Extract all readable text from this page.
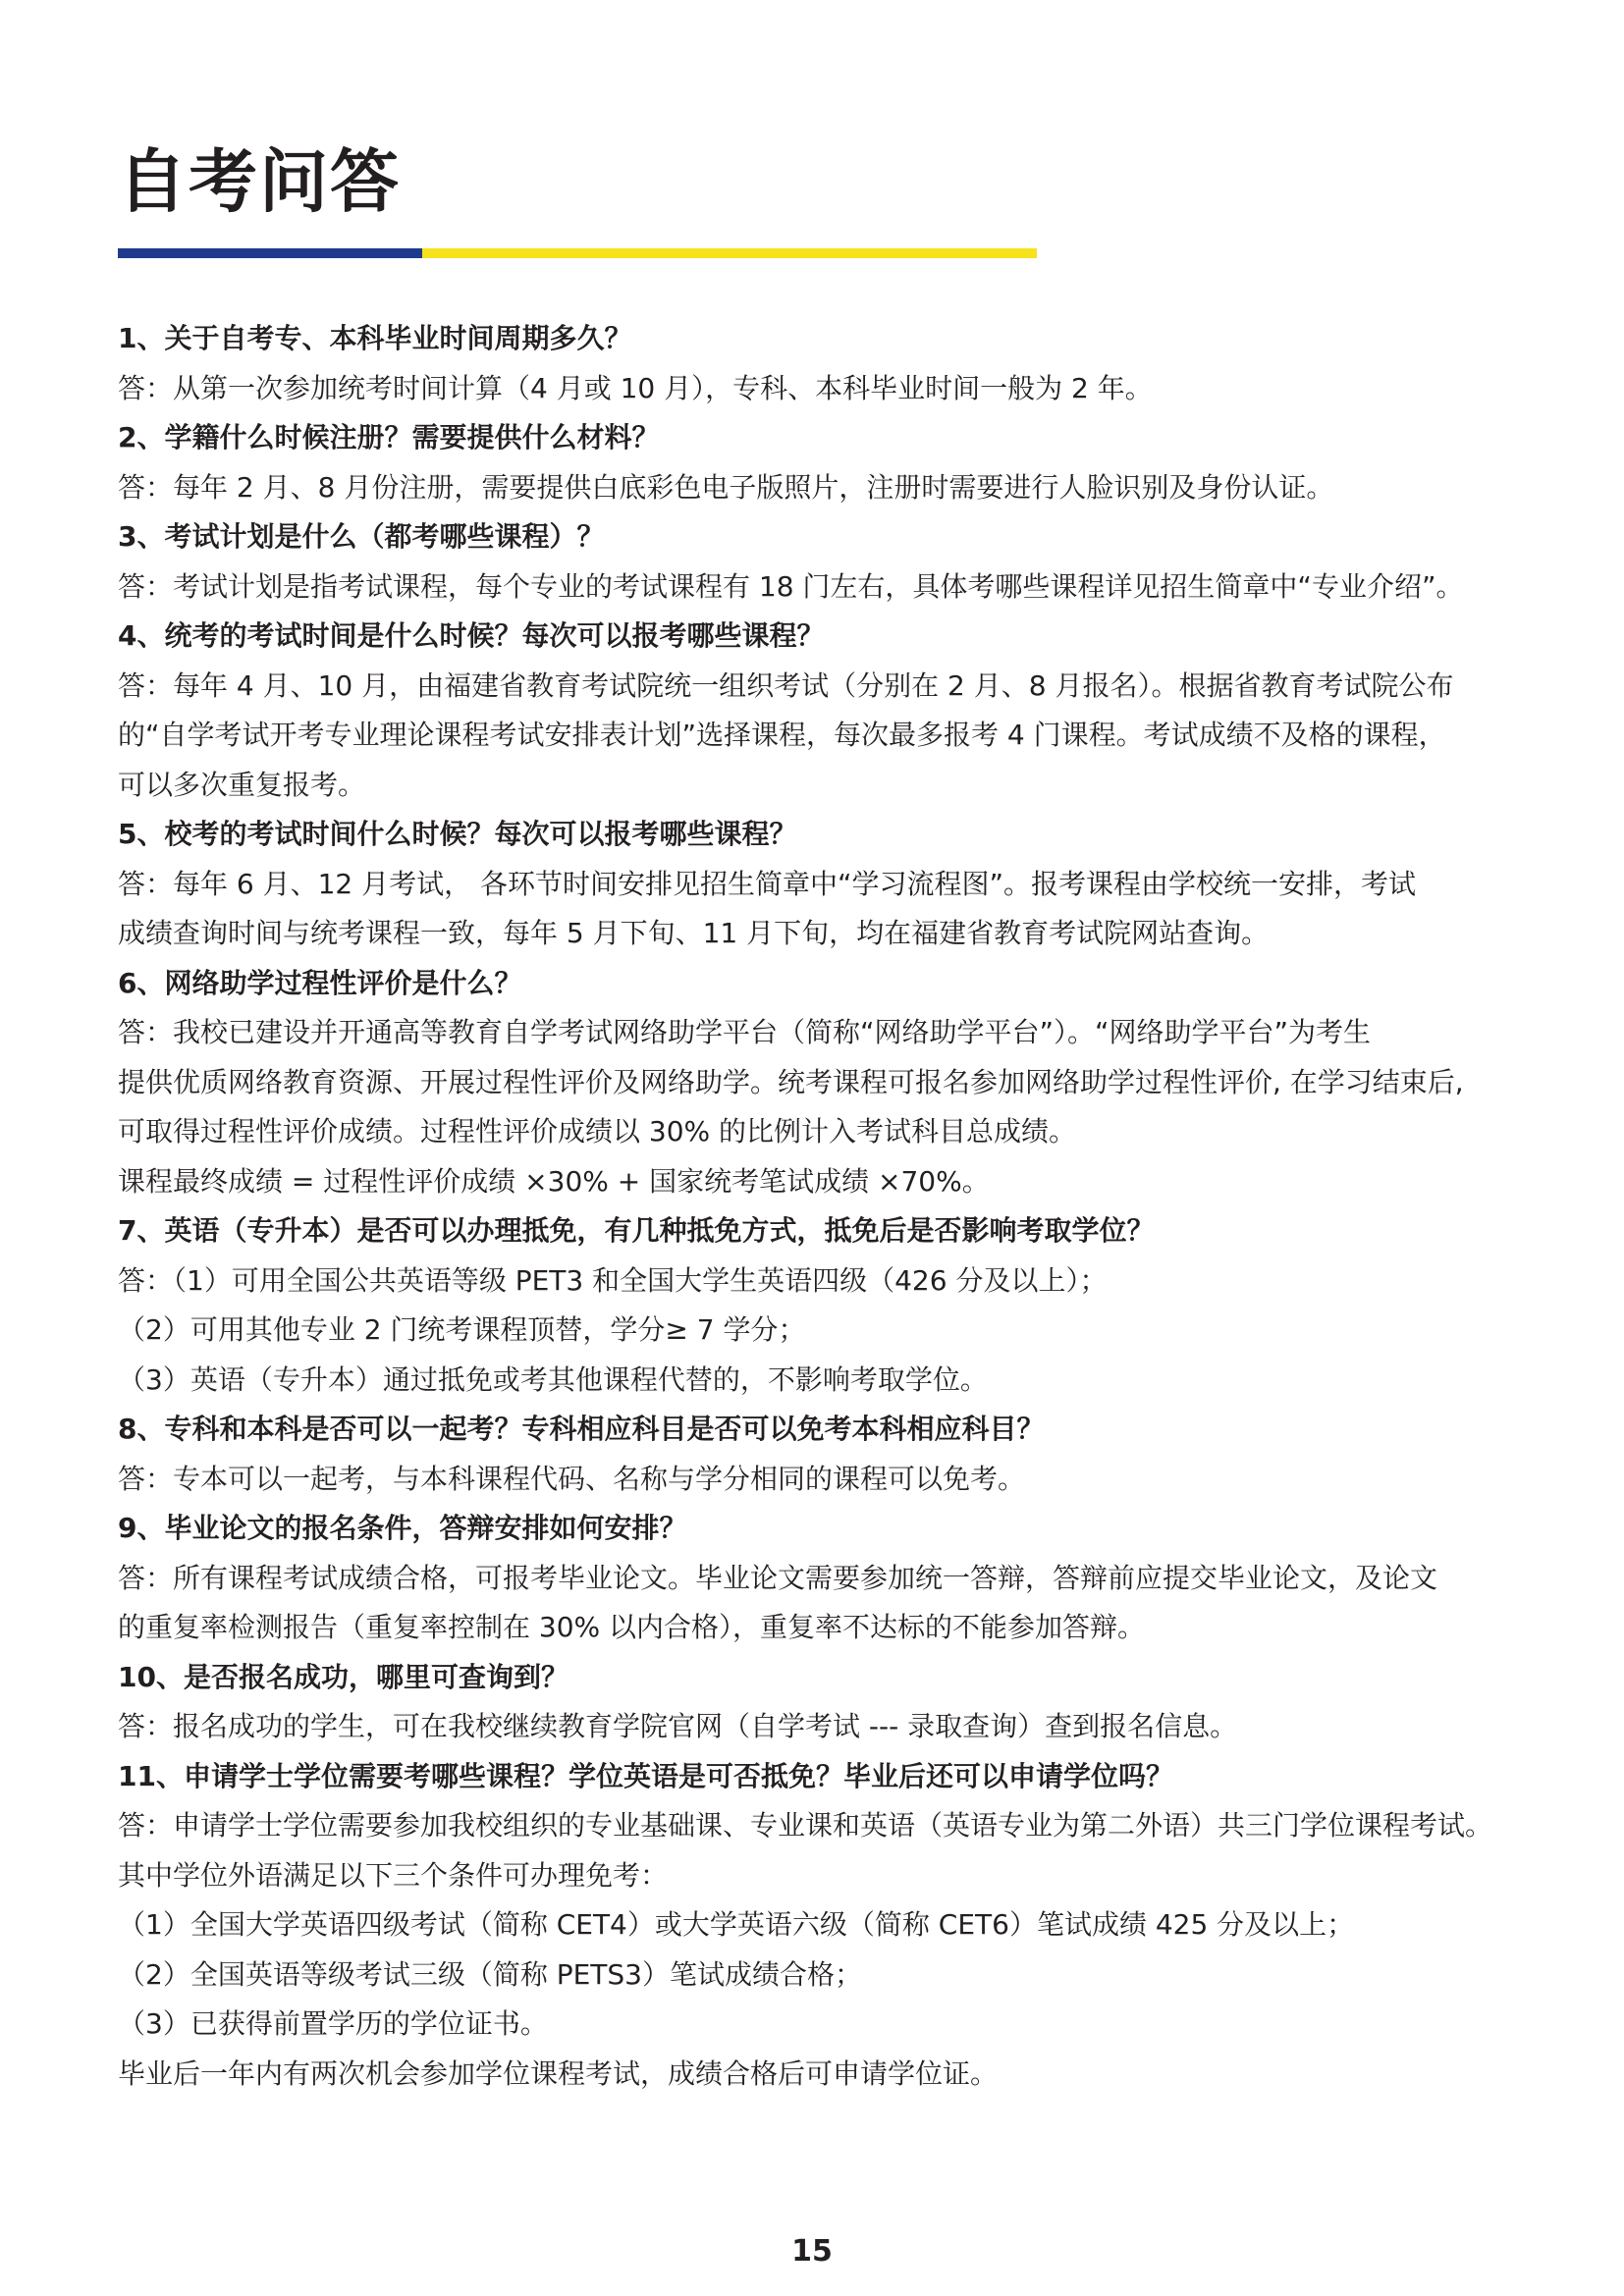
自考问答
1、关于自考专、本科毕业时间周期多久？
答：从第一次参加统考时间计算（4 月或 10 月），专科、本科毕业时间一般为 2 年。
2、学籍什么时候注册？需要提供什么材料？
答：每年 2 月、8 月份注册，需要提供白底彩色电子版照片，注册时需要进行人脸识别及身份认证。
3、考试计划是什么（都考哪些课程）？
答：考试计划是指考试课程，每个专业的考试课程有 18 门左右，具体考哪些课程详见招生简章中“专业介绍”。
4、统考的考试时间是什么时候？每次可以报考哪些课程？
答：每年 4 月、10 月，由福建省教育考试院统一组织考试（分别在 2 月、8 月报名）。根据省教育考试院公布
的“自学考试开考专业理论课程考试安排表计划”选择课程，每次最多报考 4 门课程。考试成绩不及格的课程，
可以多次重复报考。
5、校考的考试时间什么时候？每次可以报考哪些课程？
答：每年 6 月、12 月考试， 各环节时间安排见招生简章中“学习流程图”。报考课程由学校统一安排，考试
成绩查询时间与统考课程一致，每年 5 月下旬、11 月下旬，均在福建省教育考试院网站查询。
6、网络助学过程性评价是什么？
答：我校已建设并开通高等教育自学考试网络助学平台（简称“网络助学平台”）。“网络助学平台”为考生
提供优质网络教育资源、开展过程性评价及网络助学。统考课程可报名参加网络助学过程性评价, 在学习结束后,
可取得过程性评价成绩。过程性评价成绩以 30% 的比例计入考试科目总成绩。
课程最终成绩 = 过程性评价成绩 ×30% + 国家统考笔试成绩 ×70%。
7、英语（专升本）是否可以办理抵免，有几种抵免方式，抵免后是否影响考取学位？
答：（1）可用全国公共英语等级 PET3 和全国大学生英语四级（426 分及以上）；
（2）可用其他专业 2 门统考课程顶替，学分≥ 7 学分；
（3）英语（专升本）通过抵免或考其他课程代替的，不影响考取学位。
8、专科和本科是否可以一起考？专科相应科目是否可以免考本科相应科目？
答：专本可以一起考，与本科课程代码、名称与学分相同的课程可以免考。
9、毕业论文的报名条件，答辩安排如何安排？
答：所有课程考试成绩合格，可报考毕业论文。毕业论文需要参加统一答辩，答辩前应提交毕业论文，及论文
的重复率检测报告（重复率控制在 30% 以内合格），重复率不达标的不能参加答辩。
10、是否报名成功，哪里可查询到？
答：报名成功的学生，可在我校继续教育学院官网（自学考试 --- 录取查询）查到报名信息。
11、申请学士学位需要考哪些课程？学位英语是可否抵免？毕业后还可以申请学位吗？
答：申请学士学位需要参加我校组织的专业基础课、专业课和英语（英语专业为第二外语）共三门学位课程考试。
其中学位外语满足以下三个条件可办理免考：
（1）全国大学英语四级考试（简称 CET4）或大学英语六级（简称 CET6）笔试成绩 425 分及以上；
（2）全国英语等级考试三级（简称 PETS3）笔试成绩合格；
（3）已获得前置学历的学位证书。
毕业后一年内有两次机会参加学位课程考试，成绩合格后可申请学位证。
15
